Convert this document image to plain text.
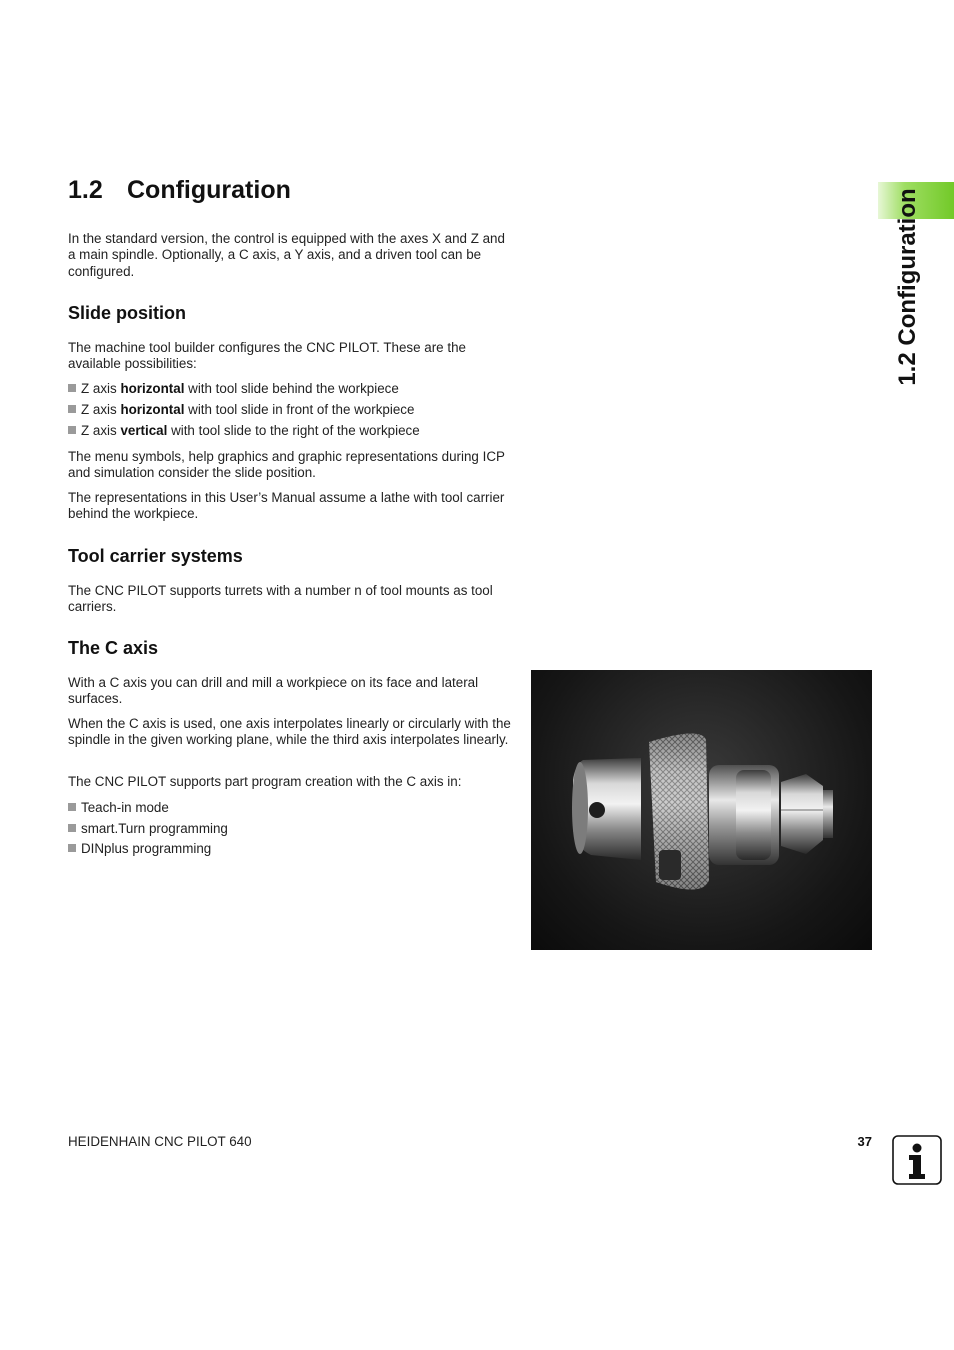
1.2 Configuration	1.2 Configuration

In the standard version, the control is equipped with the axes X and Z and a main spindle. Optionally, a C axis, a Y axis, and a driven tool can be configured.

Slide position

The machine tool builder configures the CNC PILOT. These are the available possibilities:

Z axis horizontal with tool slide behind the workpiece
Z axis horizontal with tool slide in front of the workpiece
Z axis vertical with tool slide to the right of the workpiece

The menu symbols, help graphics and graphic representations during ICP and simulation consider the slide position.

The representations in this User’s Manual assume a lathe with tool carrier behind the workpiece.

Tool carrier systems

The CNC PILOT supports turrets with a number n of tool mounts as tool carriers.

The C axis

With a C axis you can drill and mill a workpiece on its face and lateral surfaces.

When the C axis is used, one axis interpolates linearly or circularly with the spindle in the given working plane, while the third axis interpolates linearly.

The CNC PILOT supports part program creation with the C axis in:

Teach-in mode
smart.Turn programming
DINplus programming
HEIDENHAIN CNC PILOT 640	37
